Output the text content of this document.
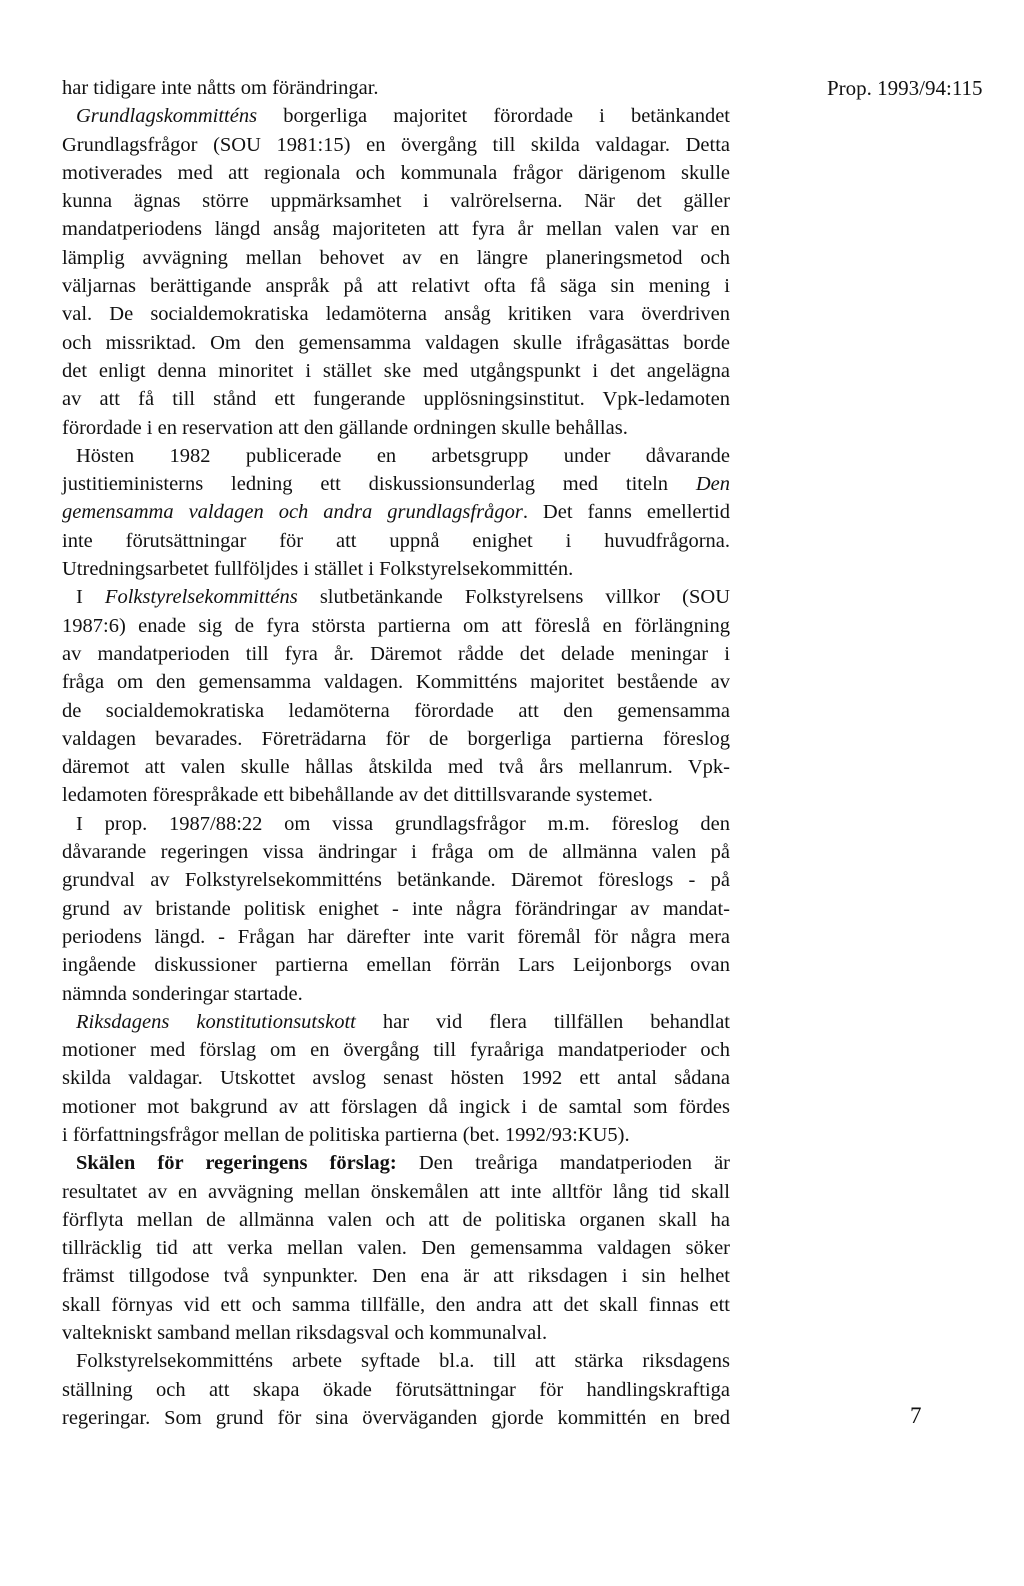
Prop. 1993/94:115
har tidigare inte nåtts om förändringar.
Grundlagskommitténs borgerliga majoritet förordade i betänkandet
Grundlagsfrågor (SOU 1981:15) en övergång till skilda valdagar. Detta
motiverades med att regionala och kommunala frågor därigenom skulle
kunna ägnas större uppmärksamhet i valrörelserna. När det gäller
mandatperiodens längd ansåg majoriteten att fyra år mellan valen var en
lämplig avvägning mellan behovet av en längre planeringsmetod och
väljarnas berättigande anspråk på att relativt ofta få säga sin mening i
val. De socialdemokratiska ledamöterna ansåg kritiken vara överdriven
och missriktad. Om den gemensamma valdagen skulle ifrågasättas borde
det enligt denna minoritet i stället ske med utgångspunkt i det angelägna
av att få till stånd ett fungerande upplösningsinstitut. Vpk-ledamoten
förordade i en reservation att den gällande ordningen skulle behållas.
Hösten 1982 publicerade en arbetsgrupp under dåvarande
justitieministerns ledning ett diskussionsunderlag med titeln Den
gemensamma valdagen och andra grundlagsfrågor. Det fanns emellertid
inte förutsättningar för att uppnå enighet i huvudfrågorna.
Utredningsarbetet fullföljdes i stället i Folkstyrelsekommittén.
I Folkstyrelsekommitténs slutbetänkande Folkstyrelsens villkor (SOU
1987:6) enade sig de fyra största partierna om att föreslå en förlängning
av mandatperioden till fyra år. Däremot rådde det delade meningar i
fråga om den gemensamma valdagen. Kommitténs majoritet bestående av
de socialdemokratiska ledamöterna förordade att den gemensamma
valdagen bevarades. Företrädarna för de borgerliga partierna föreslog
däremot att valen skulle hållas åtskilda med två års mellanrum. Vpk-
ledamoten förespråkade ett bibehållande av det dittillsvarande systemet.
I prop. 1987/88:22 om vissa grundlagsfrågor m.m. föreslog den
dåvarande regeringen vissa ändringar i fråga om de allmänna valen på
grundval av Folkstyrelsekommitténs betänkande. Däremot föreslogs - på
grund av bristande politisk enighet - inte några förändringar av mandat-
periodens längd. - Frågan har därefter inte varit föremål för några mera
ingående diskussioner partierna emellan förrän Lars Leijonborgs ovan
nämnda sonderingar startade.
Riksdagens konstitutionsutskott har vid flera tillfällen behandlat
motioner med förslag om en övergång till fyraåriga mandatperioder och
skilda valdagar. Utskottet avslog senast hösten 1992 ett antal sådana
motioner mot bakgrund av att förslagen då ingick i de samtal som fördes
i författningsfrågor mellan de politiska partierna (bet. 1992/93:KU5).
Skälen för regeringens förslag: Den treåriga mandatperioden är
resultatet av en avvägning mellan önskemålen att inte alltför lång tid skall
förflyta mellan de allmänna valen och att de politiska organen skall ha
tillräcklig tid att verka mellan valen. Den gemensamma valdagen söker
främst tillgodose två synpunkter. Den ena är att riksdagen i sin helhet
skall förnyas vid ett och samma tillfälle, den andra att det skall finnas ett
valtekniskt samband mellan riksdagsval och kommunalval.
Folkstyrelsekommitténs arbete syftade bl.a. till att stärka riksdagens
ställning och att skapa ökade förutsättningar för handlingskraftiga
regeringar. Som grund för sina överväganden gjorde kommittén en bred	7
